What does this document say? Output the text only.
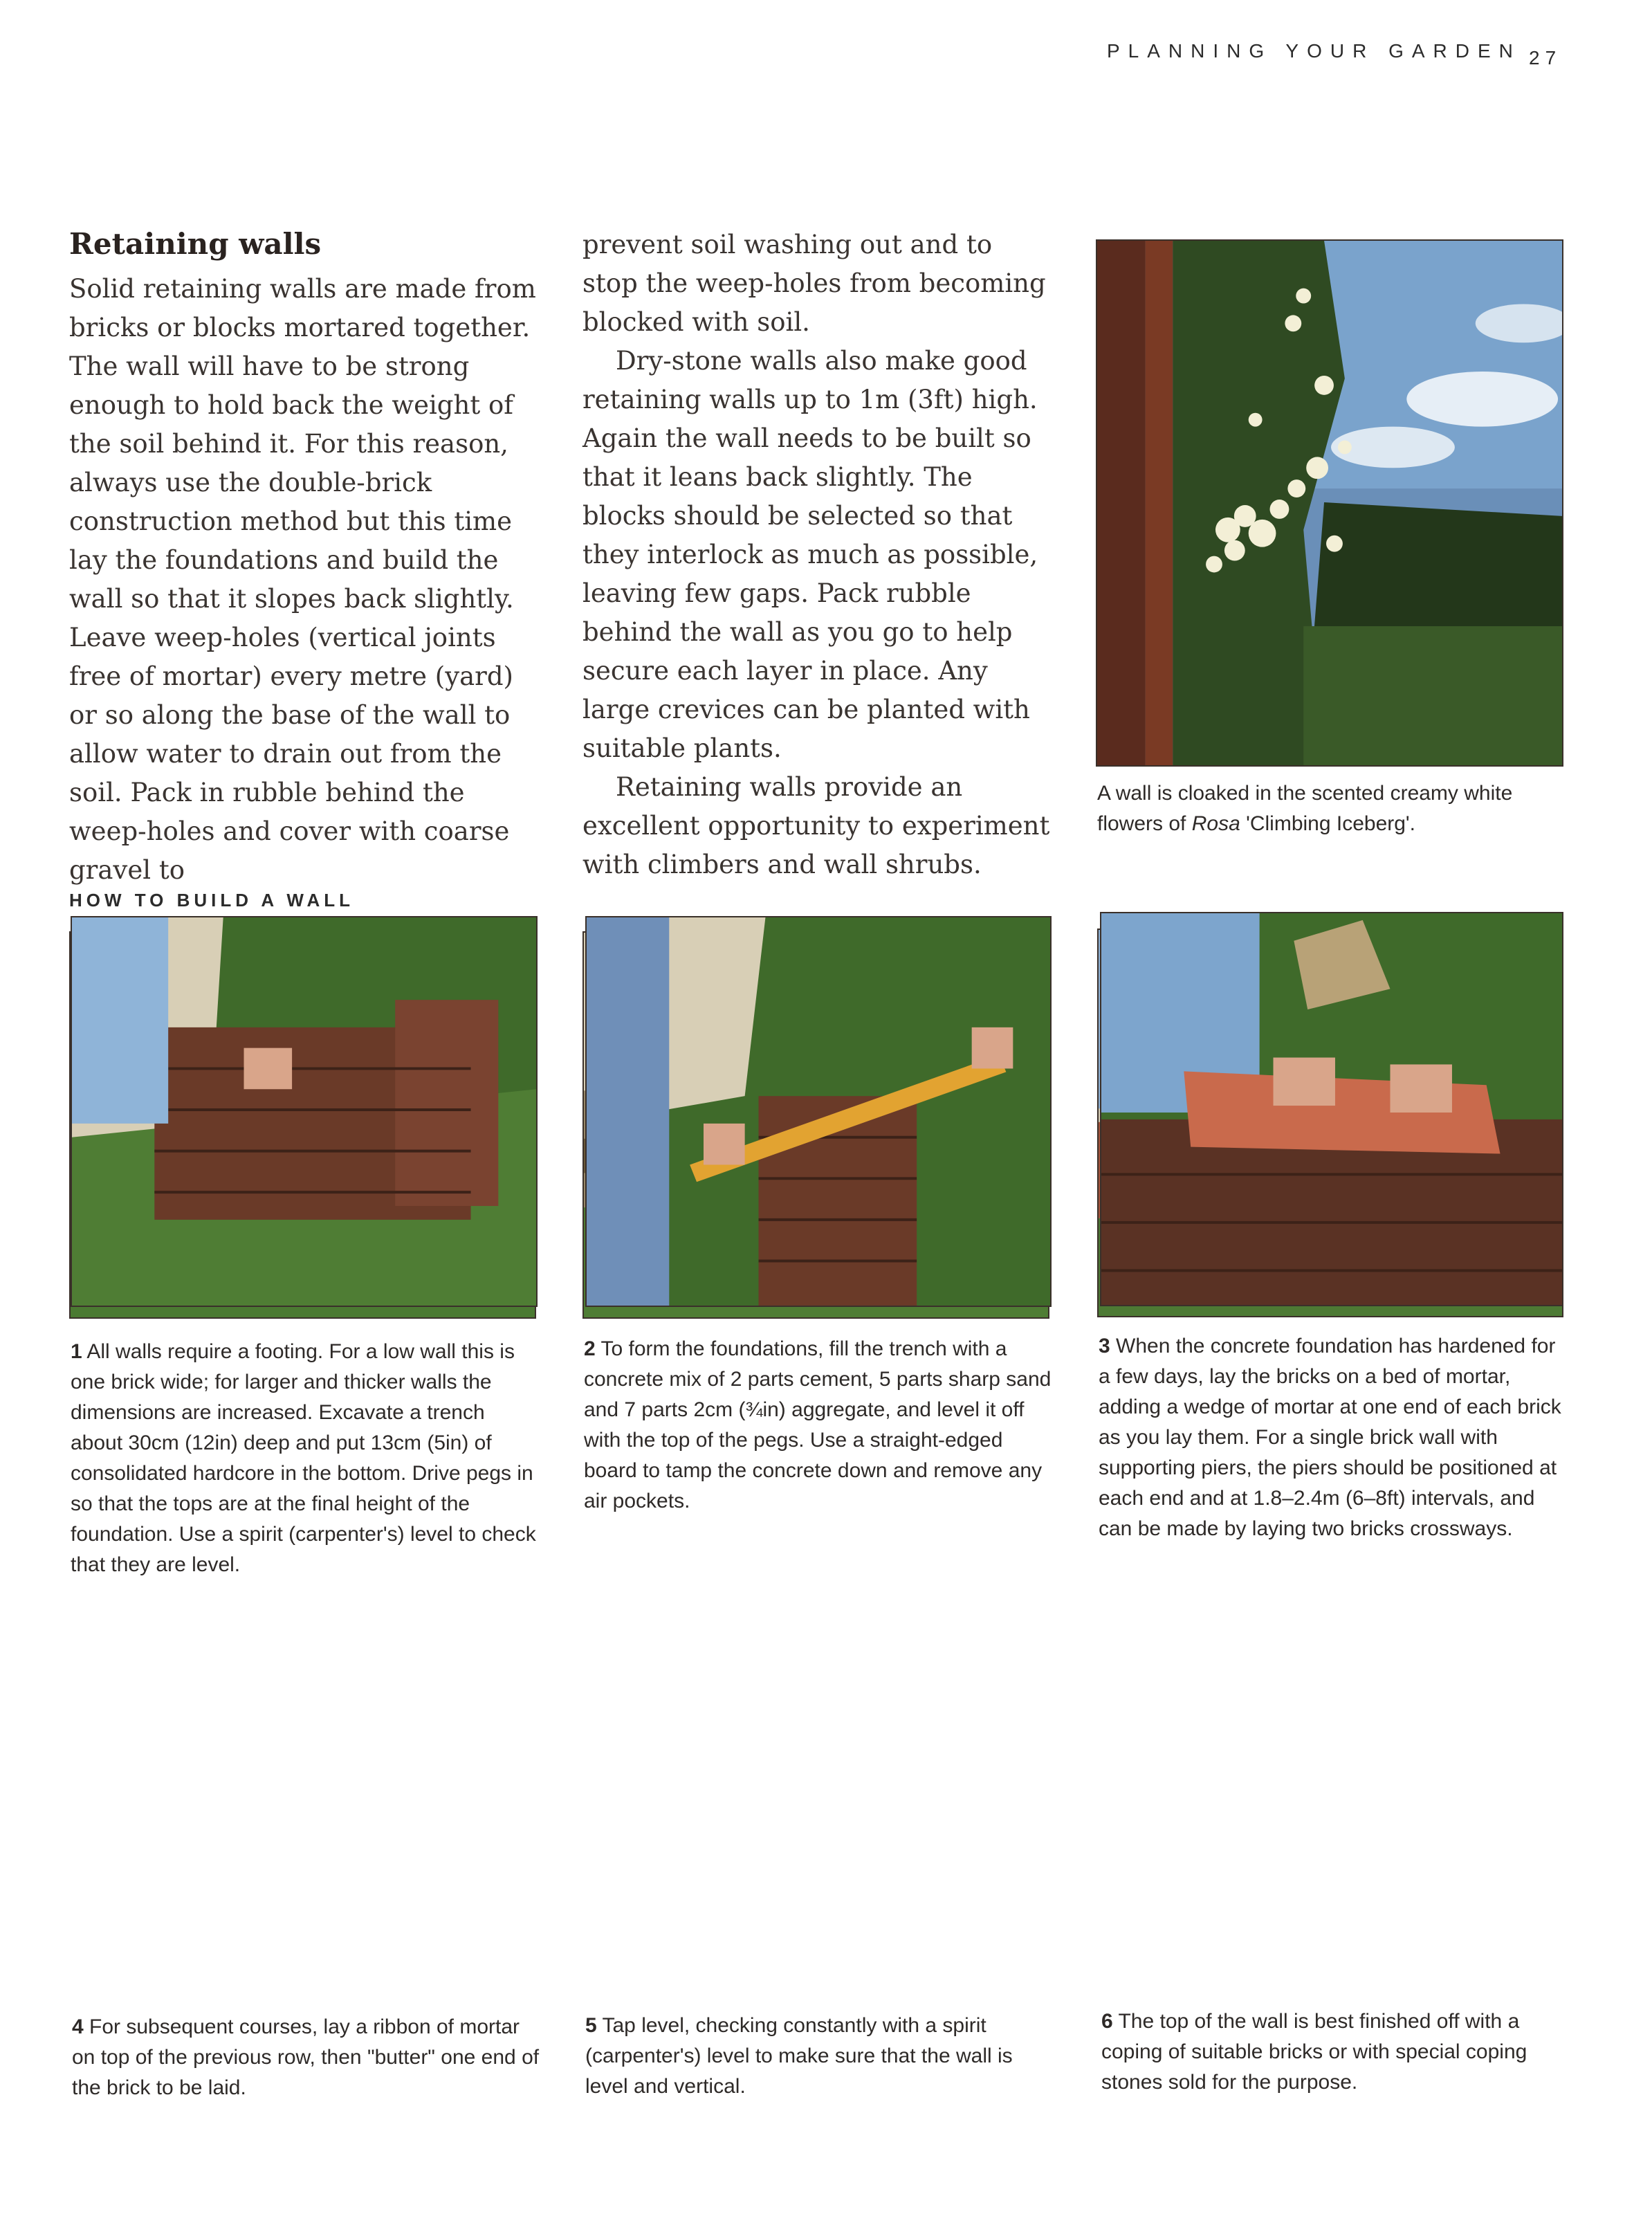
PLANNING YOUR GARDEN 27
Retaining walls

Solid retaining walls are made from bricks or blocks mortared together. The wall will have to be strong enough to hold back the weight of the soil behind it. For this reason, always use the double-brick construction method but this time lay the foundations and build the wall so that it slopes back slightly. Leave weep-holes (vertical joints free of mortar) every metre (yard) or so along the base of the wall to allow water to drain out from the soil. Pack in rubble behind the weep-holes and cover with coarse gravel to

prevent soil washing out and to stop the weep-holes from becoming blocked with soil.

Dry-stone walls also make good retaining walls up to 1m (3ft) high. Again the wall needs to be built so that it leans back slightly. The blocks should be selected so that they interlock as much as possible, leaving few gaps. Pack rubble behind the wall as you go to help secure each layer in place. Any large crevices can be planted with suitable plants.

Retaining walls provide an excellent opportunity to experiment with climbers and wall shrubs.

A wall is cloaked in the scented creamy white flowers of Rosa 'Climbing Iceberg'.

HOW TO BUILD A WALL

1 All walls require a footing. For a low wall this is one brick wide; for larger and thicker walls the dimensions are increased. Excavate a trench about 30cm (12in) deep and put 13cm (5in) of consolidated hardcore in the bottom. Drive pegs in so that the tops are at the final height of the foundation. Use a spirit (carpenter's) level to check that they are level.

2 To form the foundations, fill the trench with a concrete mix of 2 parts cement, 5 parts sharp sand and 7 parts 2cm (¾in) aggregate, and level it off with the top of the pegs. Use a straight-edged board to tamp the concrete down and remove any air pockets.

3 When the concrete foundation has hardened for a few days, lay the bricks on a bed of mortar, adding a wedge of mortar at one end of each brick as you lay them. For a single brick wall with supporting piers, the piers should be positioned at each end and at 1.8–2.4m (6–8ft) intervals, and can be made by laying two bricks crossways.

4 For subsequent courses, lay a ribbon of mortar on top of the previous row, then "butter" one end of the brick to be laid.

5 Tap level, checking constantly with a spirit (carpenter's) level to make sure that the wall is level and vertical.

6 The top of the wall is best finished off with a coping of suitable bricks or with special coping stones sold for the purpose.
